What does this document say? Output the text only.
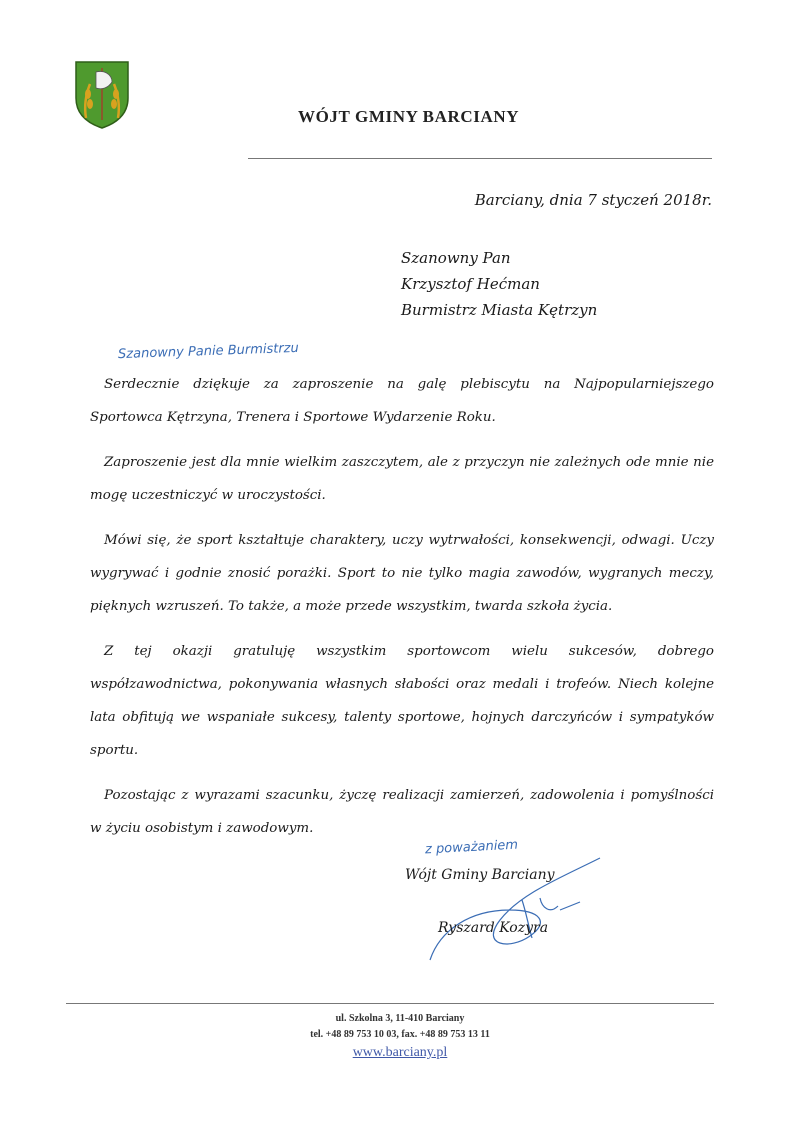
WÓJT GMINY BARCIANY
Barciany, dnia 7 styczeń 2018r.
Szanowny Pan
Krzysztof Hećman
Burmistrz Miasta Kętrzyn
Szanowny Panie Burmistrzu

Serdecznie dziękuje za zaproszenie na galę plebiscytu na Najpopularniejszego Sportowca Kętrzyna, Trenera i Sportowe Wydarzenie Roku.

Zaproszenie jest dla mnie wielkim zaszczytem, ale z przyczyn nie zależnych ode mnie nie mogę uczestniczyć w uroczystości.

Mówi się, że sport kształtuje charaktery, uczy wytrwałości, konsekwencji, odwagi. Uczy wygrywać i godnie znosić porażki. Sport to nie tylko magia zawodów, wygranych meczy, pięknych wzruszeń. To także, a może przede wszystkim, twarda szkoła życia.

Z tej okazji gratuluję wszystkim sportowcom wielu sukcesów, dobrego współzawodnictwa, pokonywania własnych słabości oraz medali i trofeów. Niech kolejne lata obfitują we wspaniałe sukcesy, talenty sportowe, hojnych darczyńców i sympatyków sportu.

Pozostając z wyrazami szacunku, życzę realizacji zamierzeń, zadowolenia i pomyślności w życiu osobistym i zawodowym.

z poważaniem
Wójt Gminy Barciany
Ryszard Kozyra
ul. Szkolna 3, 11-410 Barciany
tel. +48 89 753 10 03, fax. +48 89 753 13 11
www.barciany.pl
